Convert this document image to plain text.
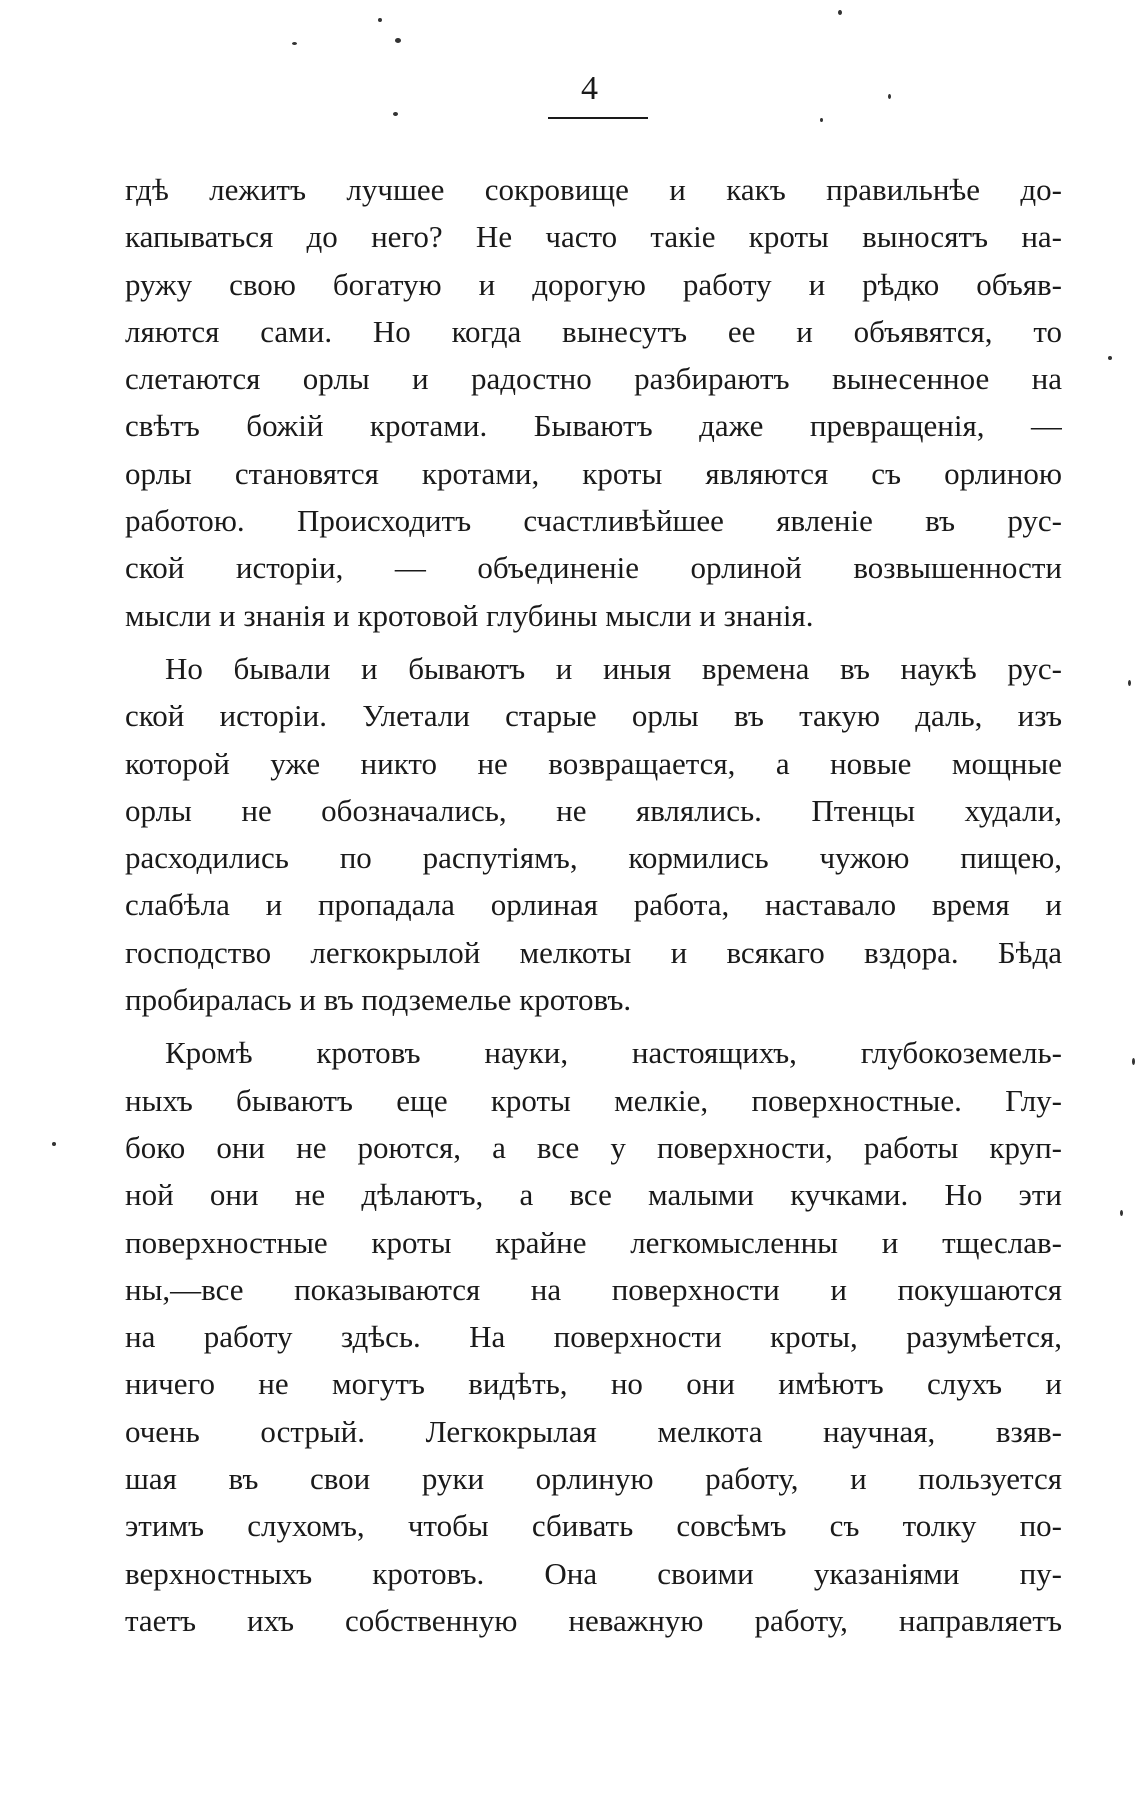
4
гдѣ лежитъ лучшее сокровище и какъ правильнѣе до-
капываться до него? Не часто такіе кроты выносятъ на-
ружу свою богатую и дорогую работу и рѣдко объяв-
ляются сами. Но когда вынесутъ ее и объявятся, то
слетаются орлы и радостно разбираютъ вынесенное на
свѣтъ божій кротами. Бываютъ даже превращенія, —
орлы становятся кротами, кроты являются съ орлиною
работою. Происходитъ счастливѣйшее явленіе въ рус-
ской исторіи, — объединеніе орлиной возвышенности
мысли и знанія и кротовой глубины мысли и знанія.
Но бывали и бываютъ и иныя времена въ наукѣ рус-
ской исторіи. Улетали старые орлы въ такую даль, изъ
которой уже никто не возвращается, а новые мощные
орлы не обозначались, не являлись. Птенцы худали,
расходились по распутіямъ, кормились чужою пищею,
слабѣла и пропадала орлиная работа, наставало время и
господство легкокрылой мелкоты и всякаго вздора. Бѣда
пробиралась и въ подземелье кротовъ.
Кромѣ кротовъ науки, настоящихъ, глубокоземель-
ныхъ бываютъ еще кроты мелкіе, поверхностные. Глу-
боко они не роются, а все у поверхности, работы круп-
ной они не дѣлаютъ, а все малыми кучками. Но эти
поверхностные кроты крайне легкомысленны и тщеслав-
ны,—все показываются на поверхности и покушаются
на работу здѣсь. На поверхности кроты, разумѣется,
ничего не могутъ видѣть, но они имѣютъ слухъ и
очень острый. Легкокрылая мелкота научная, взяв-
шая въ свои руки орлиную работу, и пользуется
этимъ слухомъ, чтобы сбивать совсѣмъ съ толку по-
верхностныхъ кротовъ. Она своими указаніями пу-
таетъ ихъ собственную неважную работу, направляетъ
